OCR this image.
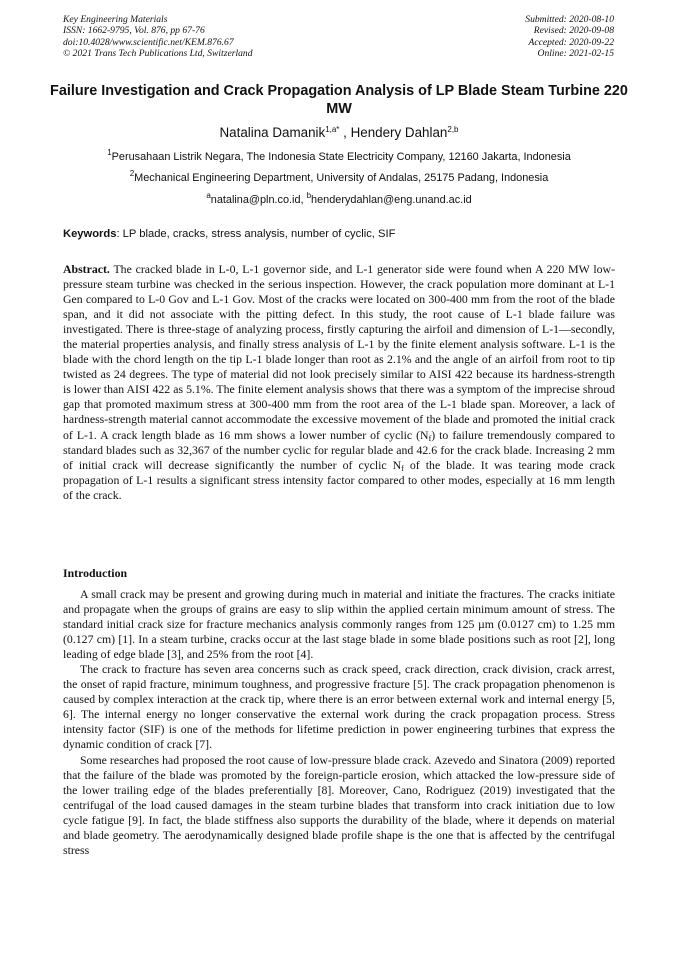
Key Engineering Materials
ISSN: 1662-9795, Vol. 876, pp 67-76
doi:10.4028/www.scientific.net/KEM.876.67
© 2021 Trans Tech Publications Ltd, Switzerland
Submitted: 2020-08-10
Revised: 2020-09-08
Accepted: 2020-09-22
Online: 2021-02-15
Failure Investigation and Crack Propagation Analysis of LP Blade Steam Turbine 220 MW
Natalina Damanik$^{1,a*}$ , Hendery Dahlan$^{2,b}$
$^1$Perusahaan Listrik Negara, The Indonesia State Electricity Company, 12160 Jakarta, Indonesia
$^2$Mechanical Engineering Department, University of Andalas, 25175 Padang, Indonesia
$^a$natalina@pln.co.id, $^b$henderydahlan@eng.unand.ac.id
Keywords: LP blade, cracks, stress analysis, number of cyclic, SIF
Abstract. The cracked blade in L-0, L-1 governor side, and L-1 generator side were found when A 220 MW low-pressure steam turbine was checked in the serious inspection. However, the crack population more dominant at L-1 Gen compared to L-0 Gov and L-1 Gov. Most of the cracks were located on 300-400 mm from the root of the blade span, and it did not associate with the pitting defect. In this study, the root cause of L-1 blade failure was investigated. There is three-stage of analyzing process, firstly capturing the airfoil and dimension of L-1—secondly, the material properties analysis, and finally stress analysis of L-1 by the finite element analysis software. L-1 is the blade with the chord length on the tip L-1 blade longer than root as 2.1% and the angle of an airfoil from root to tip twisted as 24 degrees. The type of material did not look precisely similar to AISI 422 because its hardness-strength is lower than AISI 422 as 5.1%. The finite element analysis shows that there was a symptom of the imprecise shroud gap that promoted maximum stress at 300-400 mm from the root area of the L-1 blade span. Moreover, a lack of hardness-strength material cannot accommodate the excessive movement of the blade and promoted the initial crack of L-1. A crack length blade as 16 mm shows a lower number of cyclic $(N_f)$ to failure tremendously compared to standard blades such as 32,367 of the number cyclic for regular blade and 42.6 for the crack blade. Increasing 2 mm of initial crack will decrease significantly the number of cyclic $N_f$ of the blade. It was tearing mode crack propagation of L-1 results a significant stress intensity factor compared to other modes, especially at 16 mm length of the crack.
Introduction

A small crack may be present and growing during much in material and initiate the fractures. The cracks initiate and propagate when the groups of grains are easy to slip within the applied certain minimum amount of stress. The standard initial crack size for fracture mechanics analysis commonly ranges from 125 µm (0.0127 cm) to 1.25 mm (0.127 cm) [1]. In a steam turbine, cracks occur at the last stage blade in some blade positions such as root [2], long leading of edge blade [3], and 25% from the root [4].

The crack to fracture has seven area concerns such as crack speed, crack direction, crack division, crack arrest, the onset of rapid fracture, minimum toughness, and progressive fracture [5]. The crack propagation phenomenon is caused by complex interaction at the crack tip, where there is an error between external work and internal energy [5, 6]. The internal energy no longer conservative the external work during the crack propagation process. Stress intensity factor (SIF) is one of the methods for lifetime prediction in power engineering turbines that express the dynamic condition of crack [7].

Some researches had proposed the root cause of low-pressure blade crack. Azevedo and Sinatora (2009) reported that the failure of the blade was promoted by the foreign-particle erosion, which attacked the low-pressure side of the lower trailing edge of the blades preferentially [8]. Moreover, Cano, Rodriguez (2019) investigated that the centrifugal of the load caused damages in the steam turbine blades that transform into crack initiation due to low cycle fatigue [9]. In fact, the blade stiffness also supports the durability of the blade, where it depends on material and blade geometry. The aerodynamically designed blade profile shape is the one that is affected by the centrifugal stress
